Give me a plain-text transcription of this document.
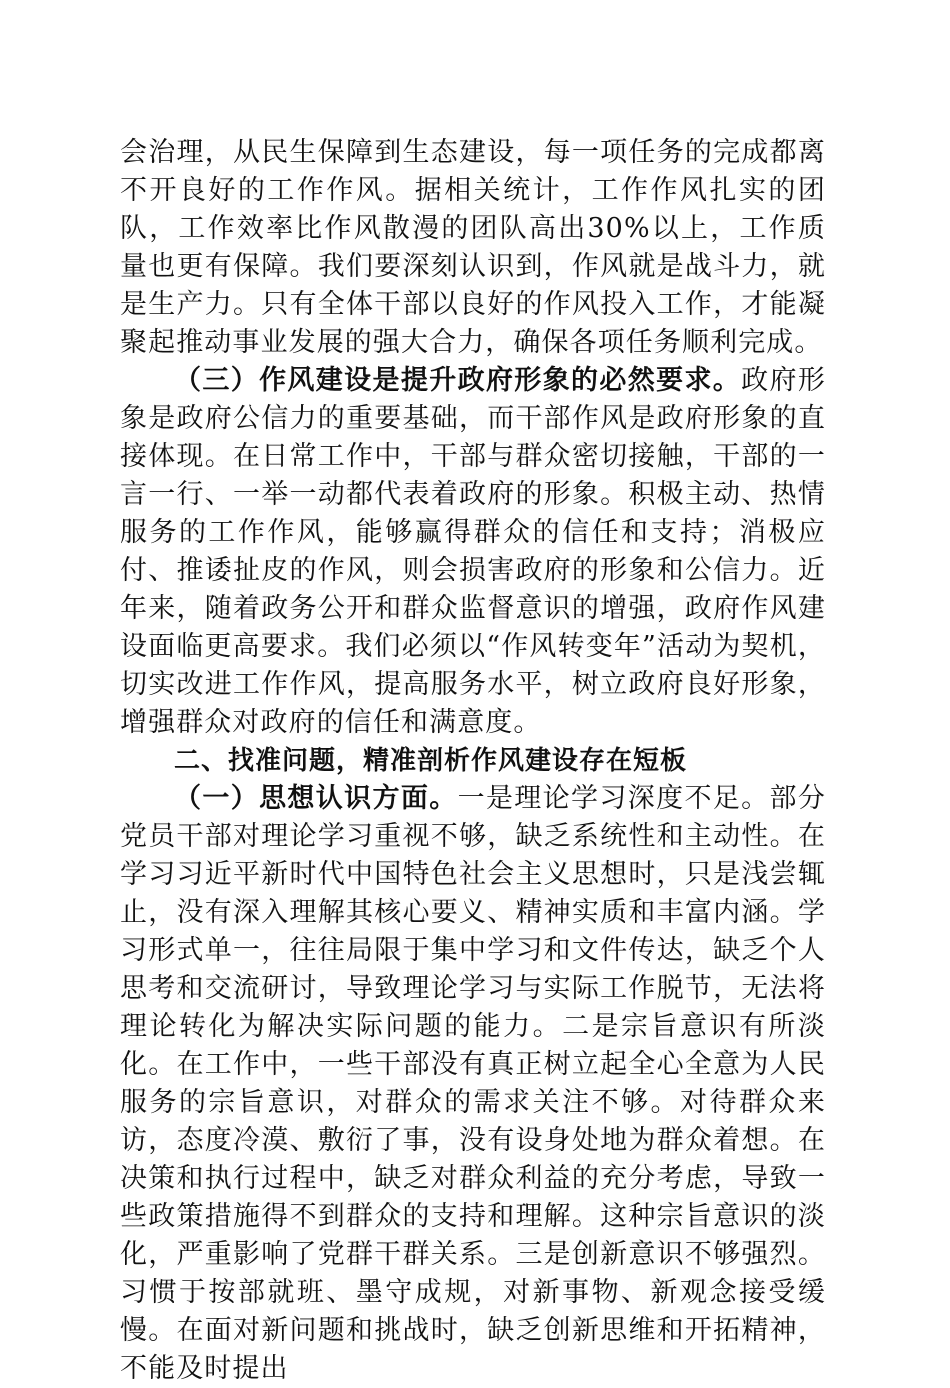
会治理，从民生保障到生态建设，每一项任务的完成都离不开良好的工作作风。据相关统计，工作作风扎实的团队，工作效率比作风散漫的团队高出30%以上，工作质量也更有保障。我们要深刻认识到，作风就是战斗力，就是生产力。只有全体干部以良好的作风投入工作，才能凝聚起推动事业发展的强大合力，确保各项任务顺利完成。

（三）作风建设是提升政府形象的必然要求。政府形象是政府公信力的重要基础，而干部作风是政府形象的直接体现。在日常工作中，干部与群众密切接触，干部的一言一行、一举一动都代表着政府的形象。积极主动、热情服务的工作作风，能够赢得群众的信任和支持；消极应付、推诿扯皮的作风，则会损害政府的形象和公信力。近年来，随着政务公开和群众监督意识的增强，政府作风建设面临更高要求。我们必须以“作风转变年”活动为契机，切实改进工作作风，提高服务水平，树立政府良好形象，增强群众对政府的信任和满意度。

二、找准问题，精准剖析作风建设存在短板

（一）思想认识方面。一是理论学习深度不足。部分党员干部对理论学习重视不够，缺乏系统性和主动性。在学习习近平新时代中国特色社会主义思想时，只是浅尝辄止，没有深入理解其核心要义、精神实质和丰富内涵。学习形式单一，往往局限于集中学习和文件传达，缺乏个人思考和交流研讨，导致理论学习与实际工作脱节，无法将理论转化为解决实际问题的能力。二是宗旨意识有所淡化。在工作中，一些干部没有真正树立起全心全意为人民服务的宗旨意识，对群众的需求关注不够。对待群众来访，态度冷漠、敷衍了事，没有设身处地为群众着想。在决策和执行过程中，缺乏对群众利益的充分考虑，导致一些政策措施得不到群众的支持和理解。这种宗旨意识的淡化，严重影响了党群干群关系。三是创新意识不够强烈。习惯于按部就班、墨守成规，对新事物、新观念接受缓慢。在面对新问题和挑战时，缺乏创新思维和开拓精神，不能及时提出
